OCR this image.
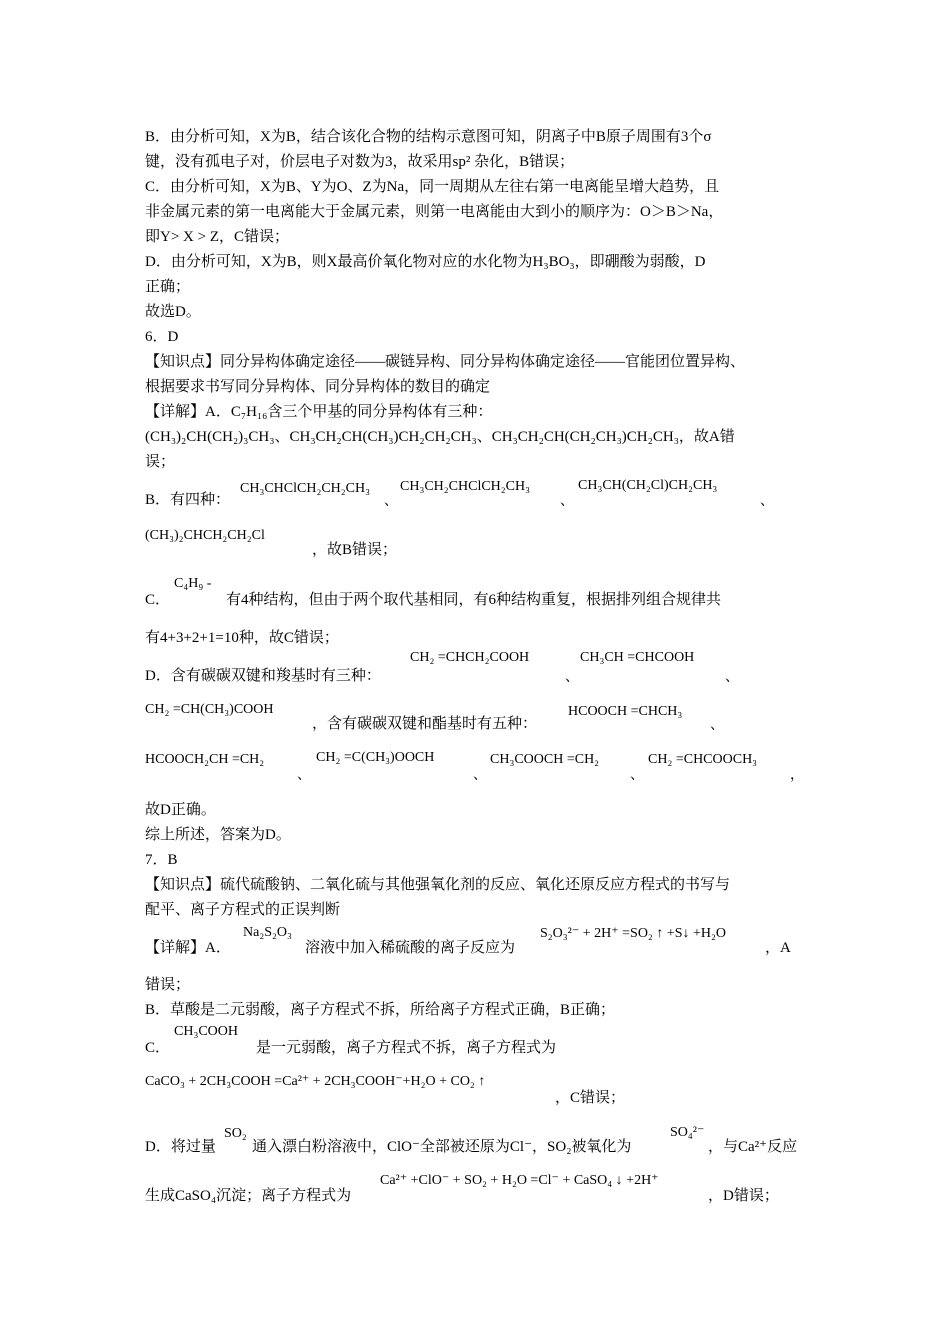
B．由分析可知，X为B，结合该化合物的结构示意图可知，阴离子中B原子周围有3个σ
键，没有孤电子对，价层电子对数为3，故采用sp² 杂化，B错误；
C．由分析可知，X为B、Y为O、Z为Na，同一周期从左往右第一电离能呈增大趋势，且
非金属元素的第一电离能大于金属元素，则第一电离能由大到小的顺序为：O＞B＞Na，
即Y> X > Z，C错误；
D．由分析可知，X为B，则X最高价氧化物对应的水化物为H₃BO₃，即硼酸为弱酸，D
正确；
故选D。
6．D
【知识点】同分异构体确定途径——碳链异构、同分异构体确定途径——官能团位置异构、
根据要求书写同分异构体、同分异构体的数目的确定
【详解】A．C₇H₁₆含三个甲基的同分异构体有三种：
(CH₃)₂CH(CH₂)₃CH₃、CH₃CH₂CH(CH₃)CH₂CH₂CH₃、CH₃CH₂CH(CH₂CH₃)CH₂CH₃，故A错
误；
B．有四种：
CH₃CHClCH₂CH₂CH₃
、
CH₃CH₂CHClCH₂CH₃
、
CH₃CH(CH₂Cl)CH₂CH₃
、
(CH₃)₂CHCH₂CH₂Cl
，故B错误；
C．
C₄H₉ -
有4种结构，但由于两个取代基相同，有6种结构重复，根据排列组合规律共
有4+3+2+1=10种，故C错误；
D．含有碳碳双键和羧基时有三种：
CH₂ =CHCH₂COOH
、
CH₃CH =CHCOOH
、
CH₂ =CH(CH₃)COOH
，含有碳碳双键和酯基时有五种：
HCOOCH =CHCH₃
、
HCOOCH₂CH =CH₂
、
CH₂ =C(CH₃)OOCH
、
CH₃COOCH =CH₂
、
CH₂ =CHCOOCH₃
，
故D正确。
综上所述，答案为D。
7．B
【知识点】硫代硫酸钠、二氧化硫与其他强氧化剂的反应、氧化还原反应方程式的书写与
配平、离子方程式的正误判断
【详解】A．
Na₂S₂O₃
溶液中加入稀硫酸的离子反应为
S₂O₃²⁻ + 2H⁺ =SO₂ ↑ +S↓ +H₂O
，A
错误；
B．草酸是二元弱酸，离子方程式不拆，所给离子方程式正确，B正确；
C．
CH₃COOH
是一元弱酸，离子方程式不拆，离子方程式为
CaCO₃ + 2CH₃COOH =Ca²⁺ + 2CH₃COOH⁻+H₂O + CO₂ ↑
，C错误；
D．将过量
SO₂
通入漂白粉溶液中，ClO⁻全部被还原为Cl⁻，SO₂被氧化为
SO₄²⁻
，与Ca²⁺反应
生成CaSO₄沉淀；离子方程式为
Ca²⁺ +ClO⁻ + SO₂ + H₂O =Cl⁻ + CaSO₄ ↓ +2H⁺
，D错误；
